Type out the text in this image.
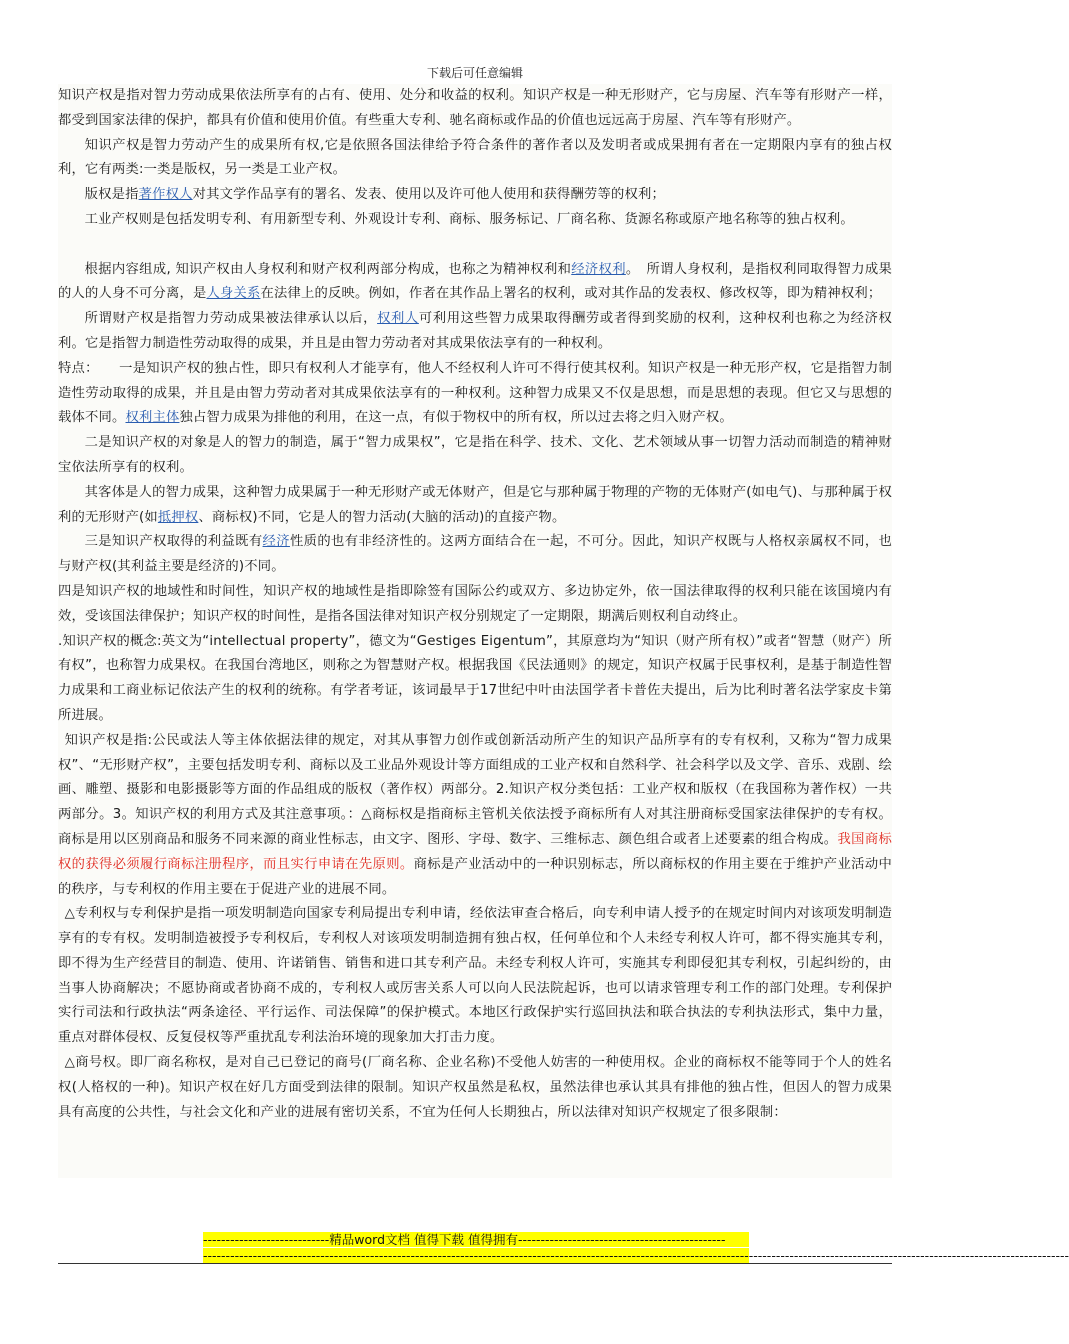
下载后可任意编辑

知识产权是指对智力劳动成果依法所享有的占有、使用、处分和收益的权利。知识产权是一种无形财产，它与房屋、汽车等有形财产一样，都受到国家法律的保护，都具有价值和使用价值。有些重大专利、驰名商标或作品的价值也远远高于房屋、汽车等有形财产。

知识产权是智力劳动产生的成果所有权,它是依照各国法律给予符合条件的著作者以及发明者或成果拥有者在一定期限内享有的独占权利，它有两类:一类是版权，另一类是工业产权。

版权是指著作权人对其文学作品享有的署名、发表、使用以及许可他人使用和获得酬劳等的权利；

工业产权则是包括发明专利、有用新型专利、外观设计专利、商标、服务标记、厂商名称、货源名称或原产地名称等的独占权利。

根据内容组成, 知识产权由人身权利和财产权利两部分构成，也称之为精神权利和经济权利。　所谓人身权利，是指权利同取得智力成果的人的人身不可分离，是人身关系在法律上的反映。例如，作者在其作品上署名的权利，或对其作品的发表权、修改权等，即为精神权利；

所谓财产权是指智力劳动成果被法律承认以后，权利人可利用这些智力成果取得酬劳或者得到奖励的权利，这种权利也称之为经济权利。它是指智力制造性劳动取得的成果，并且是由智力劳动者对其成果依法享有的一种权利。

特点：　　一是知识产权的独占性，即只有权利人才能享有，他人不经权利人许可不得行使其权利。知识产权是一种无形产权，它是指智力制造性劳动取得的成果，并且是由智力劳动者对其成果依法享有的一种权利。这种智力成果又不仅是思想，而是思想的表现。但它又与思想的载体不同。权利主体独占智力成果为排他的利用，在这一点，有似于物权中的所有权，所以过去将之归入财产权。

二是知识产权的对象是人的智力的制造，属于“智力成果权”，它是指在科学、技术、文化、艺术领域从事一切智力活动而制造的精神财宝依法所享有的权利。

其客体是人的智力成果，这种智力成果属于一种无形财产或无体财产，但是它与那种属于物理的产物的无体财产(如电气)、与那种属于权利的无形财产(如抵押权、商标权)不同，它是人的智力活动(大脑的活动)的直接产物。

三是知识产权取得的利益既有经济性质的也有非经济性的。这两方面结合在一起，不可分。因此，知识产权既与人格权亲属权不同，也与财产权(其利益主要是经济的)不同。

四是知识产权的地域性和时间性，知识产权的地域性是指即除签有国际公约或双方、多边协定外，依一国法律取得的权利只能在该国境内有效，受该国法律保护；知识产权的时间性，是指各国法律对知识产权分别规定了一定期限，期满后则权利自动终止。

.知识产权的概念:英文为“intellectual property”，德文为“Gestiges Eigentum”，其原意均为“知识（财产所有权）”或者“智慧（财产）所有权”，也称智力成果权。在我国台湾地区，则称之为智慧财产权。根据我国《民法通则》的规定，知识产权属于民事权利，是基于制造性智力成果和工商业标记依法产生的权利的统称。有学者考证，该词最早于17世纪中叶由法国学者卡普佐夫提出，后为比利时著名法学家皮卡第所进展。

知识产权是指:公民或法人等主体依据法律的规定，对其从事智力创作或创新活动所产生的知识产品所享有的专有权利，又称为“智力成果权”、“无形财产权”，主要包括发明专利、商标以及工业品外观设计等方面组成的工业产权和自然科学、社会科学以及文学、音乐、戏剧、绘画、雕塑、摄影和电影摄影等方面的作品组成的版权（著作权）两部分。2.知识产权分类包括：工业产权和版权（在我国称为著作权）一共两部分。3。知识产权的利用方式及其注意事项。：△商标权是指商标主管机关依法授予商标所有人对其注册商标受国家法律保护的专有权。商标是用以区别商品和服务不同来源的商业性标志，由文字、图形、字母、数字、三维标志、颜色组合或者上述要素的组合构成。我国商标权的获得必须履行商标注册程序，而且实行申请在先原则。商标是产业活动中的一种识别标志，所以商标权的作用主要在于维护产业活动中的秩序，与专利权的作用主要在于促进产业的进展不同。

△专利权与专利保护是指一项发明制造向国家专利局提出专利申请，经依法审查合格后，向专利申请人授予的在规定时间内对该项发明制造享有的专有权。发明制造被授予专利权后，专利权人对该项发明制造拥有独占权，任何单位和个人未经专利权人许可，都不得实施其专利，即不得为生产经营目的制造、使用、许诺销售、销售和进口其专利产品。未经专利权人许可，实施其专利即侵犯其专利权，引起纠纷的，由当事人协商解决；不愿协商或者协商不成的，专利权人或厉害关系人可以向人民法院起诉，也可以请求管理专利工作的部门处理。专利保护实行司法和行政执法“两条途径、平行运作、司法保障”的保护模式。本地区行政保护实行巡回执法和联合执法的专利执法形式，集中力量，重点对群体侵权、反复侵权等严重扰乱专利法治环境的现象加大打击力度。

△商号权。即厂商名称权，是对自己已登记的商号(厂商名称、企业名称)不受他人妨害的一种使用权。企业的商标权不能等同于个人的姓名权(人格权的一种)。知识产权在好几方面受到法律的限制。知识产权虽然是私权，虽然法律也承认其具有排他的独占性，但因人的智力成果具有高度的公共性，与社会文化和产业的进展有密切关系，不宜为任何人长期独占，所以法律对知识产权规定了很多限制：

----------------------------精品word文档 值得下载 值得拥有----------------------------------------------
------------------------------------------------------------------------------------------------------------------------------------------------------------------------------------------------
